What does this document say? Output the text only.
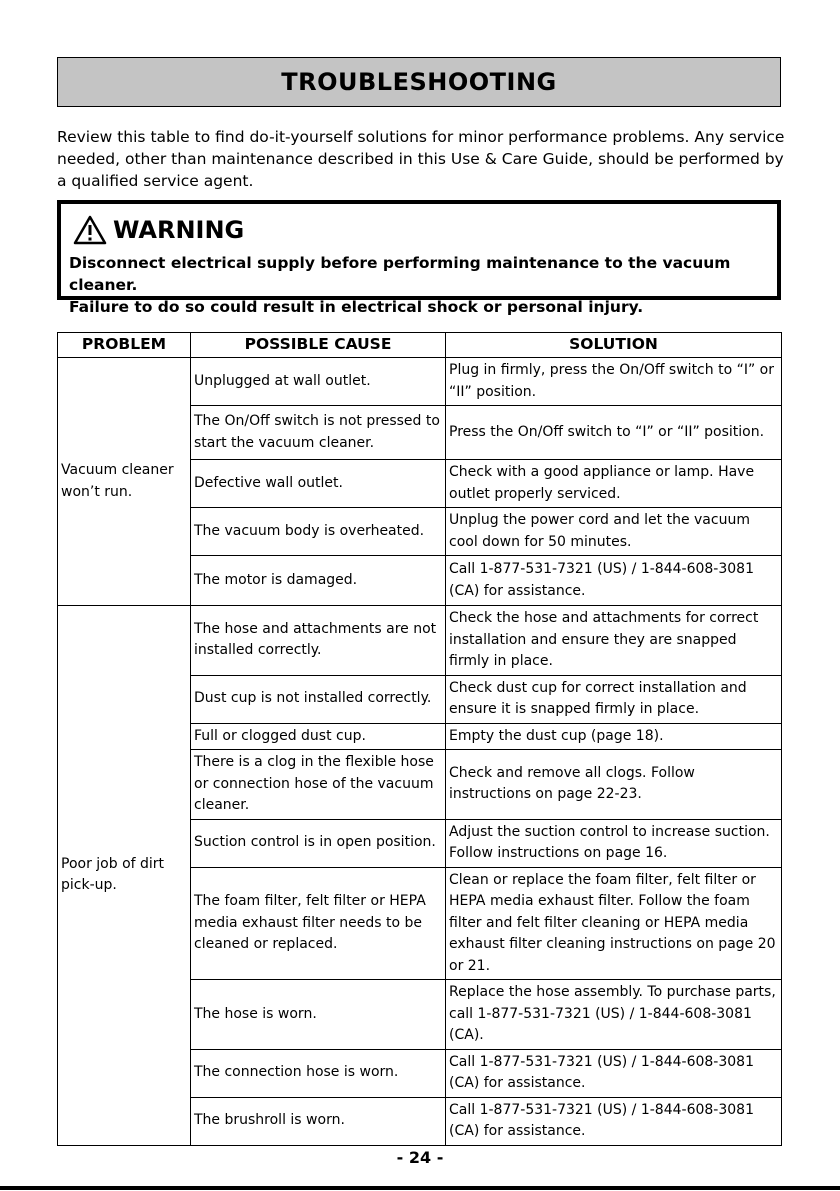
TROUBLESHOOTING
Review this table to find do-it-yourself solutions for minor performance problems. Any service needed, other than maintenance described in this Use & Care Guide, should be performed by a qualified service agent.
WARNING
Disconnect electrical supply before performing maintenance to the vacuum cleaner.
Failure to do so could result in electrical shock or personal injury.
PROBLEM	POSSIBLE CAUSE	SOLUTION
Vacuum cleaner won’t run.	Unplugged at wall outlet.	Plug in firmly, press the On/Off switch to “I” or “II” position.
	The On/Off switch is not pressed to start the vacuum cleaner.	Press the On/Off switch to “I” or “II” position.
	Defective wall outlet.	Check with a good appliance or lamp. Have outlet properly serviced.
	The vacuum body is overheated.	Unplug the power cord and let the vacuum cool down for 50 minutes.
	The motor is damaged.	Call 1-877-531-7321 (US) / 1-844-608-3081 (CA) for assistance.
Poor job of dirt pick-up.	The hose and attachments are not installed correctly.	Check the hose and attachments for correct installation and ensure they are snapped firmly in place.
	Dust cup is not installed correctly.	Check dust cup for correct installation and ensure it is snapped firmly in place.
	Full or clogged dust cup.	Empty the dust cup (page 18).
	There is a clog in the flexible hose or connection hose of the vacuum cleaner.	Check and remove all clogs. Follow instructions on page 22-23.
	Suction control is in open position.	Adjust the suction control to increase suction. Follow instructions on page 16.
	The foam filter, felt filter or HEPA media exhaust filter needs to be cleaned or replaced.	Clean or replace the foam filter, felt filter or HEPA media exhaust filter. Follow the foam filter and felt filter cleaning or HEPA media exhaust filter cleaning instructions on page 20 or 21.
	The hose is worn.	Replace the hose assembly. To purchase parts, call 1-877-531-7321 (US) / 1-844-608-3081 (CA).
	The connection hose is worn.	Call 1-877-531-7321 (US) / 1-844-608-3081 (CA) for assistance.
	The brushroll is worn.	Call 1-877-531-7321 (US) / 1-844-608-3081 (CA) for assistance.
- 24 -
